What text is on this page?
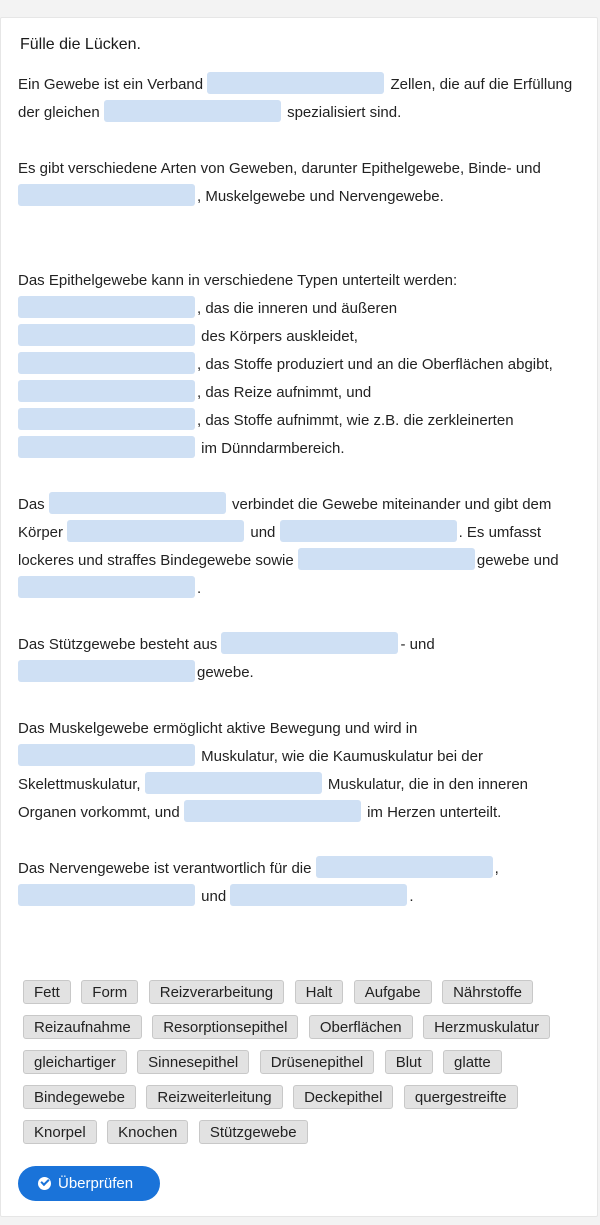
Fülle die Lücken.

Ein Gewebe ist ein Verband	Zellen, die auf die Erfüllung der gleichen	spezialisiert sind.

Es gibt verschiedene Arten von Geweben, darunter Epithelgewebe, Binde- und , Muskelgewebe und Nervengewebe.

Das Epithelgewebe kann in verschiedene Typen unterteilt werden:
, das die inneren und äußeren
des Körpers auskleidet,
, das Stoffe produziert und an die Oberflächen abgibt,
, das Reize aufnimmt, und
, das Stoffe aufnimmt, wie z.B. die zerkleinerten
im Dünndarmbereich.

Das	verbindet die Gewebe miteinander und gibt dem Körper	und	. Es umfasst lockeres und straffes Bindegewebe sowie	gewebe und .

Das Stützgewebe besteht aus	- und gewebe.

Das Muskelgewebe ermöglicht aktive Bewegung und wird in  Muskulatur, wie die Kaumuskulatur bei der Skelettmuskulatur,	Muskulatur, die in den inneren Organen vorkommt, und	im Herzen unterteilt.

Das Nervengewebe ist verantwortlich für die	,  und	.

Fett Form Reizverarbeitung Halt Aufgabe Nährstoffe Reizaufnahme Resorptionsepithel Oberflächen Herzmuskulatur gleichartiger Sinnesepithel Drüsenepithel Blut glatte Bindegewebe Reizweiterleitung Deckepithel quergestreifte Knorpel Knochen Stützgewebe
Überprüfen
